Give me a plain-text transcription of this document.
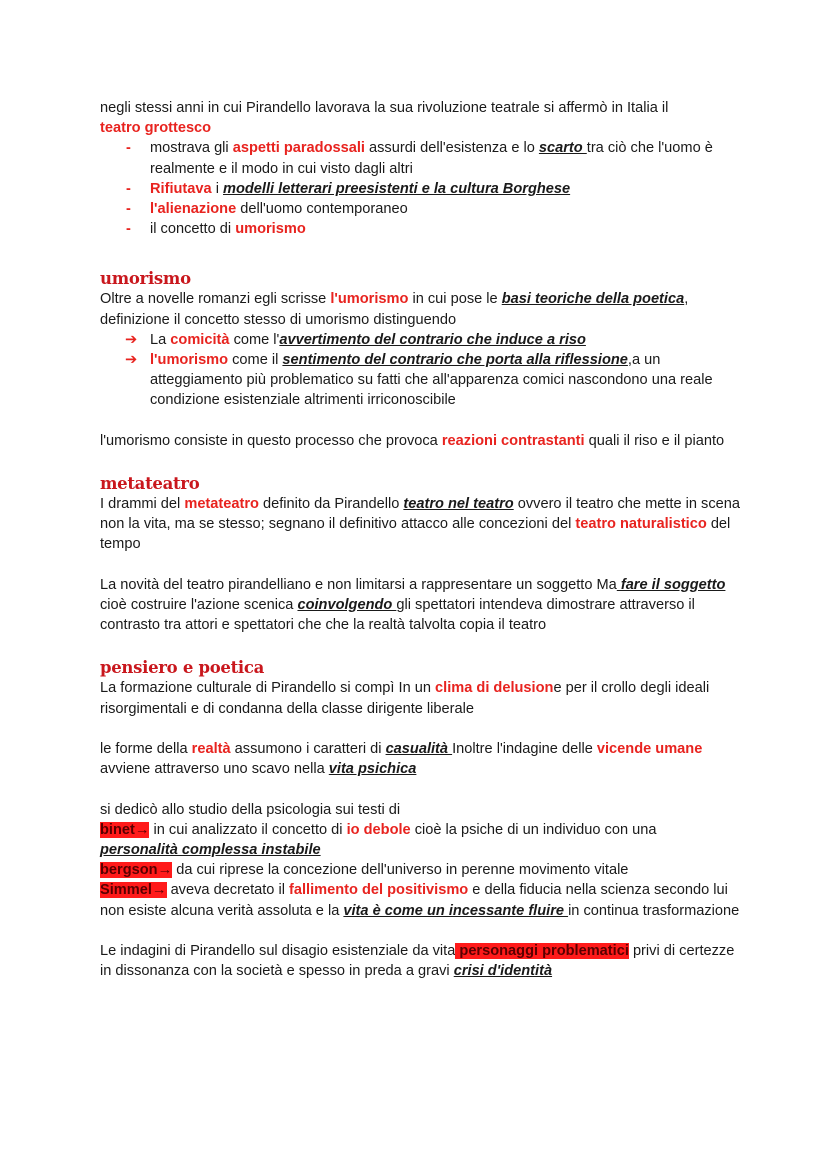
negli stessi anni in cui Pirandello lavorava la sua rivoluzione teatrale si affermò in Italia il
teatro grottesco

- mostrava gli aspetti paradossali assurdi dell'esistenza e lo scarto tra ciò che l'uomo è realmente e il modo in cui visto dagli altri
- Rifiutava i modelli letterari preesistenti e la cultura Borghese
- l'alienazione dell'uomo contemporaneo
- il concetto di umorismo
umorismo

Oltre a novelle romanzi egli scrisse l'umorismo in cui pose le basi teoriche della poetica, definizione il concetto stesso di umorismo distinguendo

➔ La comicità come l'avvertimento del contrario che induce a riso
➔ l'umorismo come il sentimento del contrario che porta alla riflessione,a un atteggiamento più problematico su fatti che all'apparenza comici nascondono una reale condizione esistenziale altrimenti irriconoscibile

l'umorismo consiste in questo processo che provoca reazioni contrastanti quali il riso e il pianto

metateatro

I drammi del metateatro definito da Pirandello teatro nel teatro ovvero il teatro che mette in scena non la vita, ma se stesso; segnano il definitivo attacco alle concezioni del teatro naturalistico del tempo

La novità del teatro pirandelliano e non limitarsi a rappresentare un soggetto Ma fare il soggetto cioè costruire l'azione scenica coinvolgendo gli spettatori intendeva dimostrare attraverso il contrasto tra attori e spettatori che che la realtà talvolta copia il teatro

pensiero e poetica

La formazione culturale di Pirandello si compì In un clima di delusione per il crollo degli ideali risorgimentali e di condanna della classe dirigente liberale

le forme della realtà assumono i caratteri di casualità Inoltre l'indagine delle vicende umane avviene attraverso uno scavo nella vita psichica

si dedicò allo studio della psicologia sui testi di
binet→ in cui analizzato il concetto di io debole cioè la psiche di un individuo con una
personalità complessa instabile
bergson→ da cui riprese la concezione dell'universo in perenne movimento vitale
Simmel→ aveva decretato il fallimento del positivismo e della fiducia nella scienza secondo lui non esiste alcuna verità assoluta e la vita è come un incessante fluire in continua trasformazione

Le indagini di Pirandello sul disagio esistenziale da vita personaggi problematici privi di certezze in dissonanza con la società e spesso in preda a gravi crisi d'identità
